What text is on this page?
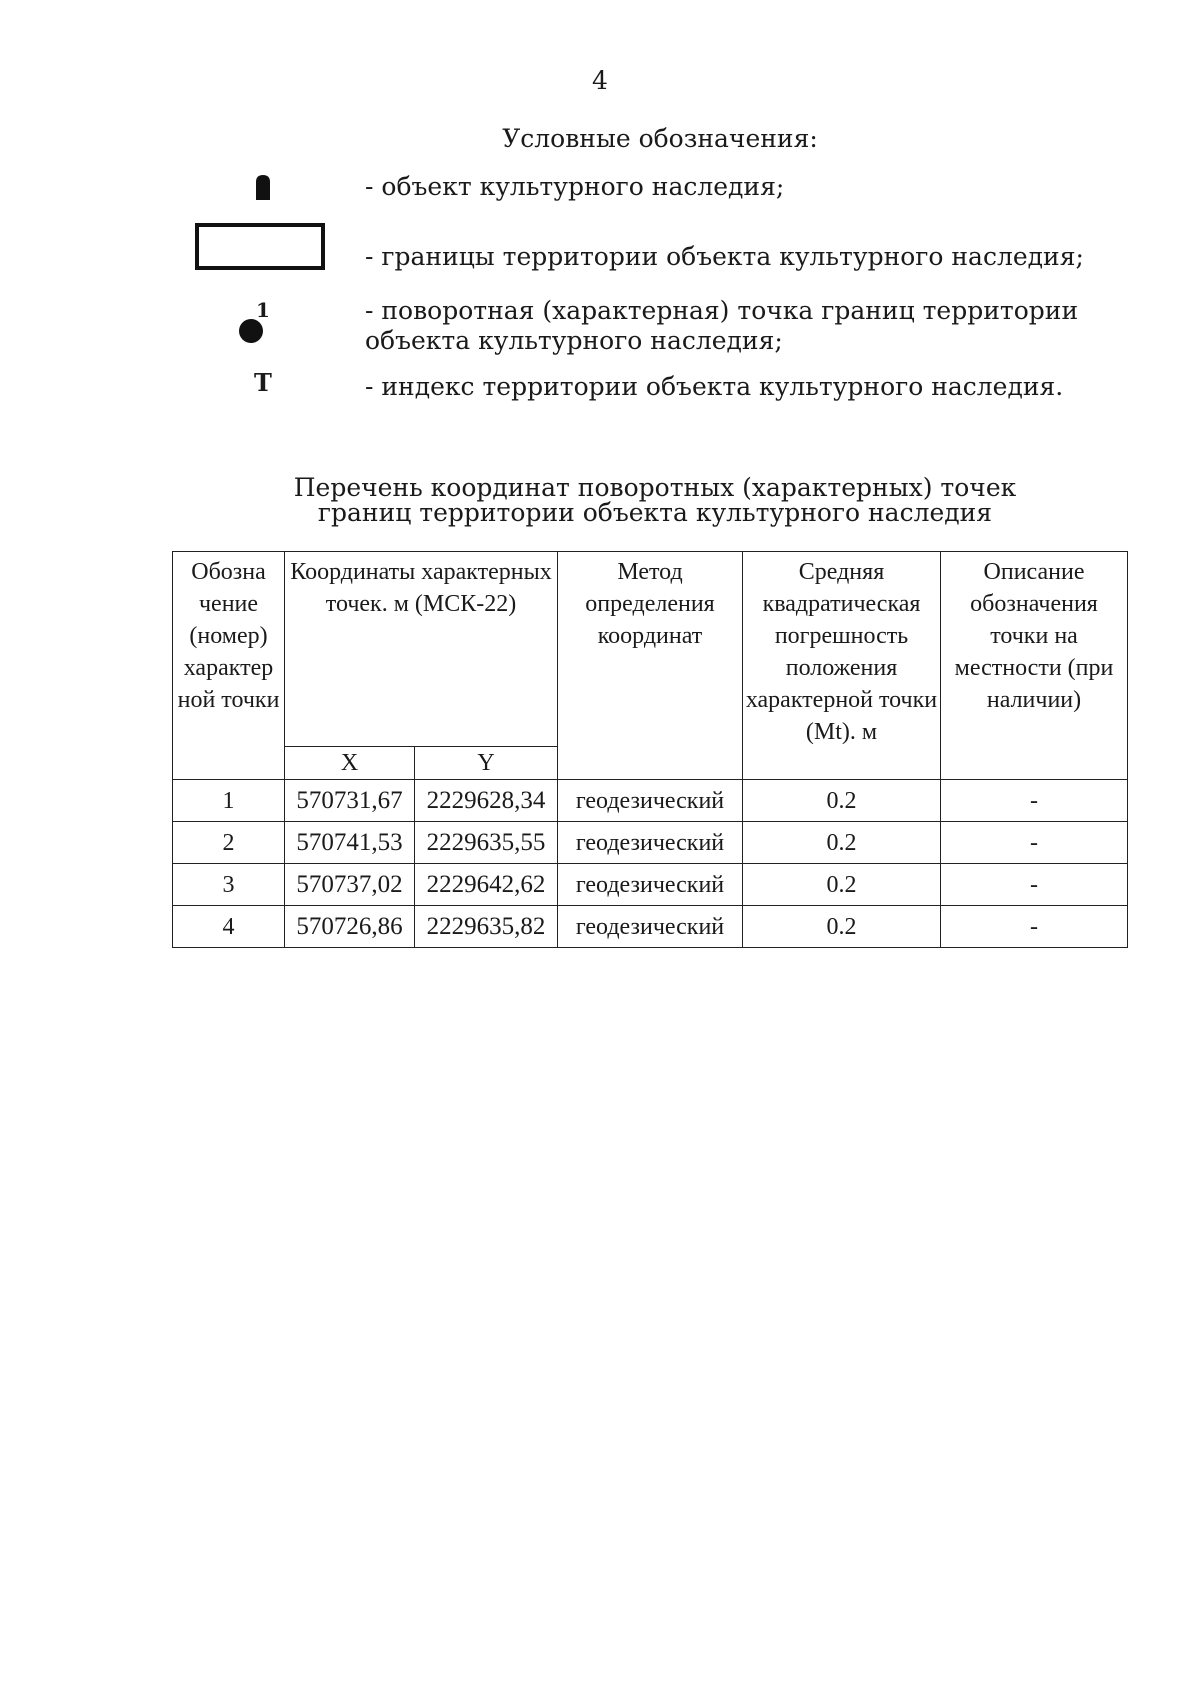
4
Условные обозначения:
- объект культурного наследия;
- границы территории объекта культурного наследия;
1	- поворотная (характерная) точка границ территории объекта культурного наследия;
Т	- индекс территории объекта культурного наследия.
Перечень координат поворотных (характерных) точек
границ территории объекта культурного наследия
Обозна чение (номер) характер ной точки	Координаты характерных точек. м (МСК-22)		Метод определения координат	Средняя квадратическая погрешность положения характерной точки (Mt). м	Описание обозначения точки на местности (при наличии)
	X	Y			
1	570731,67	2229628,34	геодезический	0.2	-
2	570741,53	2229635,55	геодезический	0.2	-
3	570737,02	2229642,62	геодезический	0.2	-
4	570726,86	2229635,82	геодезический	0.2	-
